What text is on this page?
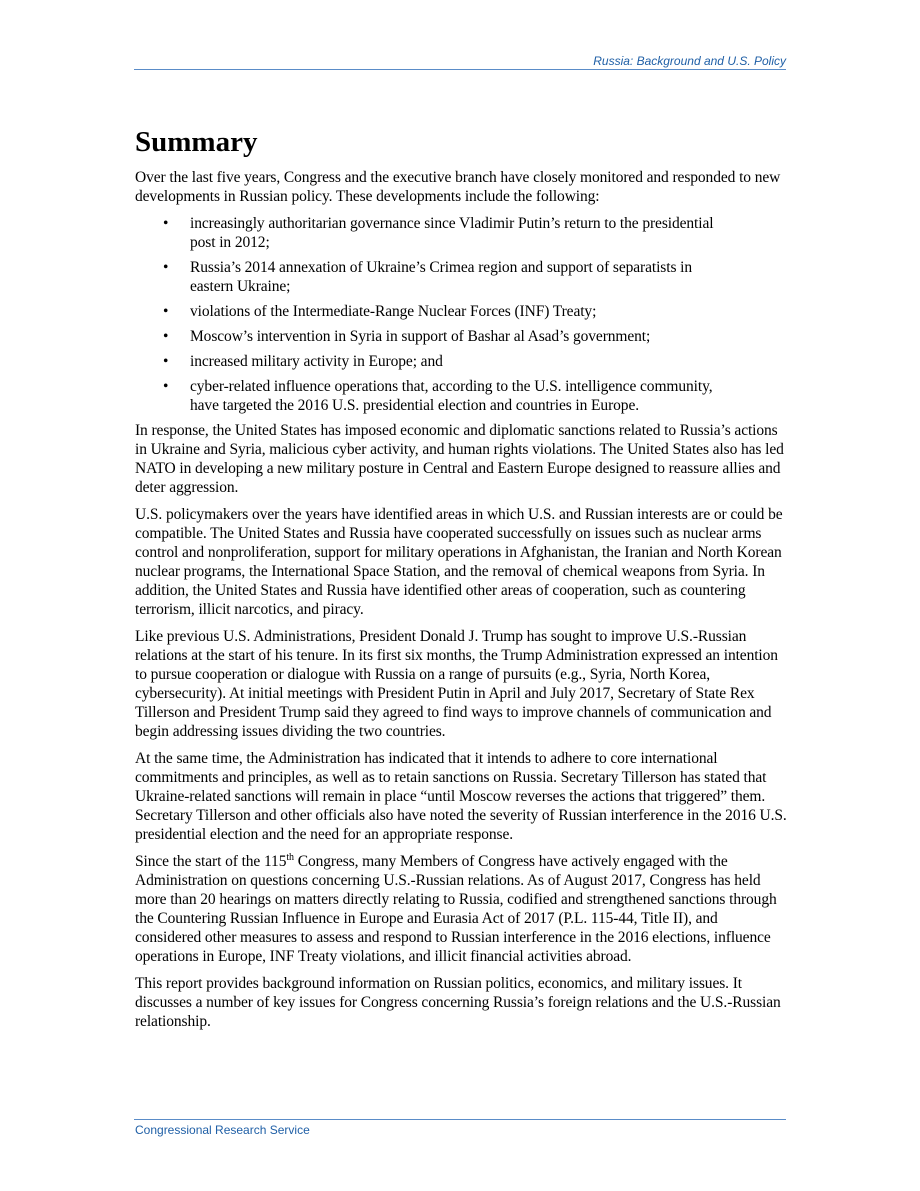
Russia: Background and U.S. Policy
Summary

Over the last five years, Congress and the executive branch have closely monitored and responded to new developments in Russian policy. These developments include the following:

• increasingly authoritarian governance since Vladimir Putin’s return to the presidential post in 2012;
• Russia’s 2014 annexation of Ukraine’s Crimea region and support of separatists in eastern Ukraine;
• violations of the Intermediate-Range Nuclear Forces (INF) Treaty;
• Moscow’s intervention in Syria in support of Bashar al Asad’s government;
• increased military activity in Europe; and
• cyber-related influence operations that, according to the U.S. intelligence community, have targeted the 2016 U.S. presidential election and countries in Europe.

In response, the United States has imposed economic and diplomatic sanctions related to Russia’s actions in Ukraine and Syria, malicious cyber activity, and human rights violations. The United States also has led NATO in developing a new military posture in Central and Eastern Europe designed to reassure allies and deter aggression.

U.S. policymakers over the years have identified areas in which U.S. and Russian interests are or could be compatible. The United States and Russia have cooperated successfully on issues such as nuclear arms control and nonproliferation, support for military operations in Afghanistan, the Iranian and North Korean nuclear programs, the International Space Station, and the removal of chemical weapons from Syria. In addition, the United States and Russia have identified other areas of cooperation, such as countering terrorism, illicit narcotics, and piracy.

Like previous U.S. Administrations, President Donald J. Trump has sought to improve U.S.-Russian relations at the start of his tenure. In its first six months, the Trump Administration expressed an intention to pursue cooperation or dialogue with Russia on a range of pursuits (e.g., Syria, North Korea, cybersecurity). At initial meetings with President Putin in April and July 2017, Secretary of State Rex Tillerson and President Trump said they agreed to find ways to improve channels of communication and begin addressing issues dividing the two countries.

At the same time, the Administration has indicated that it intends to adhere to core international commitments and principles, as well as to retain sanctions on Russia. Secretary Tillerson has stated that Ukraine-related sanctions will remain in place “until Moscow reverses the actions that triggered” them. Secretary Tillerson and other officials also have noted the severity of Russian interference in the 2016 U.S. presidential election and the need for an appropriate response.

Since the start of the 115th Congress, many Members of Congress have actively engaged with the Administration on questions concerning U.S.-Russian relations. As of August 2017, Congress has held more than 20 hearings on matters directly relating to Russia, codified and strengthened sanctions through the Countering Russian Influence in Europe and Eurasia Act of 2017 (P.L. 115-44, Title II), and considered other measures to assess and respond to Russian interference in the 2016 elections, influence operations in Europe, INF Treaty violations, and illicit financial activities abroad.

This report provides background information on Russian politics, economics, and military issues. It discusses a number of key issues for Congress concerning Russia’s foreign relations and the U.S.-Russian relationship.

Congressional Research Service
